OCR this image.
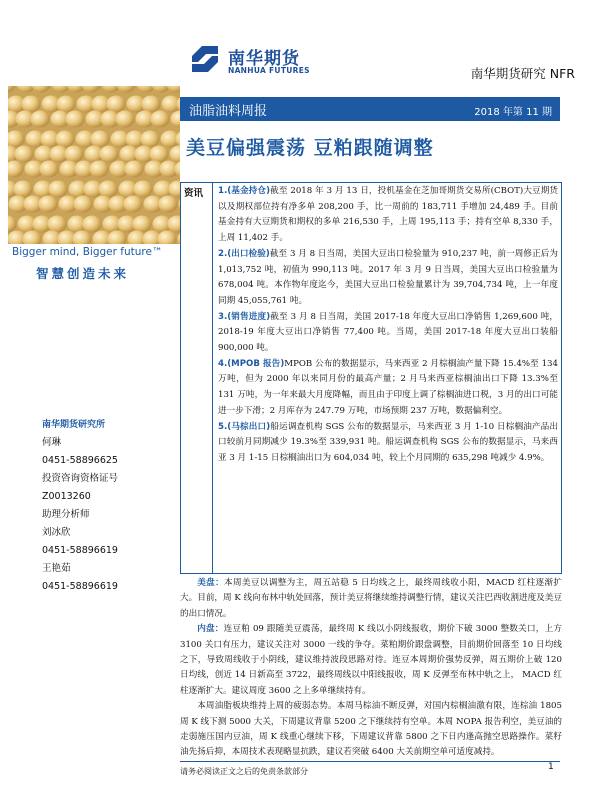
南华期货
NANHUA FUTURES	南华期货研究 NFR
油脂油料周报	2018 年第 11 期
美豆偏强震荡 豆粕跟随调整
Bigger mind, Bigger future™
智慧创造未来
南华期货研究所
何琳
0451-58896625
投资咨询资格证号
Z0013260
助理分析师
刘冰欣
0451-58896619
王艳茹
0451-58896619
资讯 1.(基金持仓)截至 2018 年 3 月 13 日，投机基金在芝加哥期货交易所(CBOT)大豆期货以及期权部位持有净多单 208,200 手，比一周前的 183,711 手增加 24,489 手。目前基金持有大豆期货和期权的多单 216,530 手，上周 195,113 手；持有空单 8,330 手，上周 11,402 手。
2.(出口检验)截至 3 月 8 日当周，美国大豆出口检验量为 910,237 吨，前一周修正后为 1,013,752 吨，初值为 990,113 吨。2017 年 3 月 9 日当周，美国大豆出口检验量为 678,004 吨。本作物年度迄今，美国大豆出口检验量累计为 39,704,734 吨，上一年度同期 45,055,761 吨。
3.(销售进度)截至 3 月 8 日当周，美国 2017-18 年度大豆出口净销售 1,269,600 吨，2018-19 年度大豆出口净销售 77,400 吨。当周，美国 2017-18 年度大豆出口装船 900,000 吨。
4.(MPOB 报告)MPOB 公布的数据显示，马来西亚 2 月棕榈油产量下降 15.4%至 134 万吨，但为 2000 年以来同月份的最高产量；2 月马来西亚棕榈油出口下降 13.3%至 131 万吨，为一年来最大月度降幅，而且由于印度上调了棕榈油进口税，3 月的出口可能进一步下滑；2 月库存为 247.79 万吨，市场预期 237 万吨，数据偏利空。
5.(马棕出口)船运调查机构 SGS 公布的数据显示，马来西亚 3 月 1-10 日棕榈油产品出口较前月同期减少 19.3%至 339,931 吨。船运调查机构 SGS 公布的数据显示，马来西亚 3 月 1-15 日棕榈油出口为 604,034 吨，较上个月同期的 635,298 吨减少 4.9%。

美盘：本周美豆以调整为主，周五站稳 5 日均线之上，最终周线收小阳，MACD 红柱逐渐扩大。目前，周 K 线向布林中轨处回落，预计美豆将继续维持调整行情，建议关注巴西收割进度及美豆的出口情况。

内盘：连豆粕 09 跟随美豆震荡，最终周 K 线以小阴线报收，期价下破 3000 整数关口，上方 3100 关口有压力，建议关注对 3000 一线的争夺。菜粕期价跟盘调整，目前期价回落至 10 日均线之下，导致周线收于小阴线，建议维持波段思路对待。连豆本周期价强势反弹，周五期价上破 120 日均线，创近 14 日新高至 3722，最终周线以中阳线报收，周 K 反弹至布林中轨之上， MACD 红柱逐渐扩大。建议周度 3600 之上多单继续持有。

本周油脂板块维持上周的疲弱态势。本周马棕油不断反弹，对国内棕榈油激有限，连棕油 1805 周 K 线下测 5000 大关，下周建议背靠 5200 之下继续持有空单。本周 NOPA 报告利空，美豆油的走弱施压国内豆油，周 K 线重心继续下移，下周建议背靠 5800 之下日内逢高抛空思路操作。菜籽油先扬后抑，本周技术表现略显抗跌，建议若突破 6400 大关前期空单可适度减持。

请务必阅读正文之后的免责条款部分	1
